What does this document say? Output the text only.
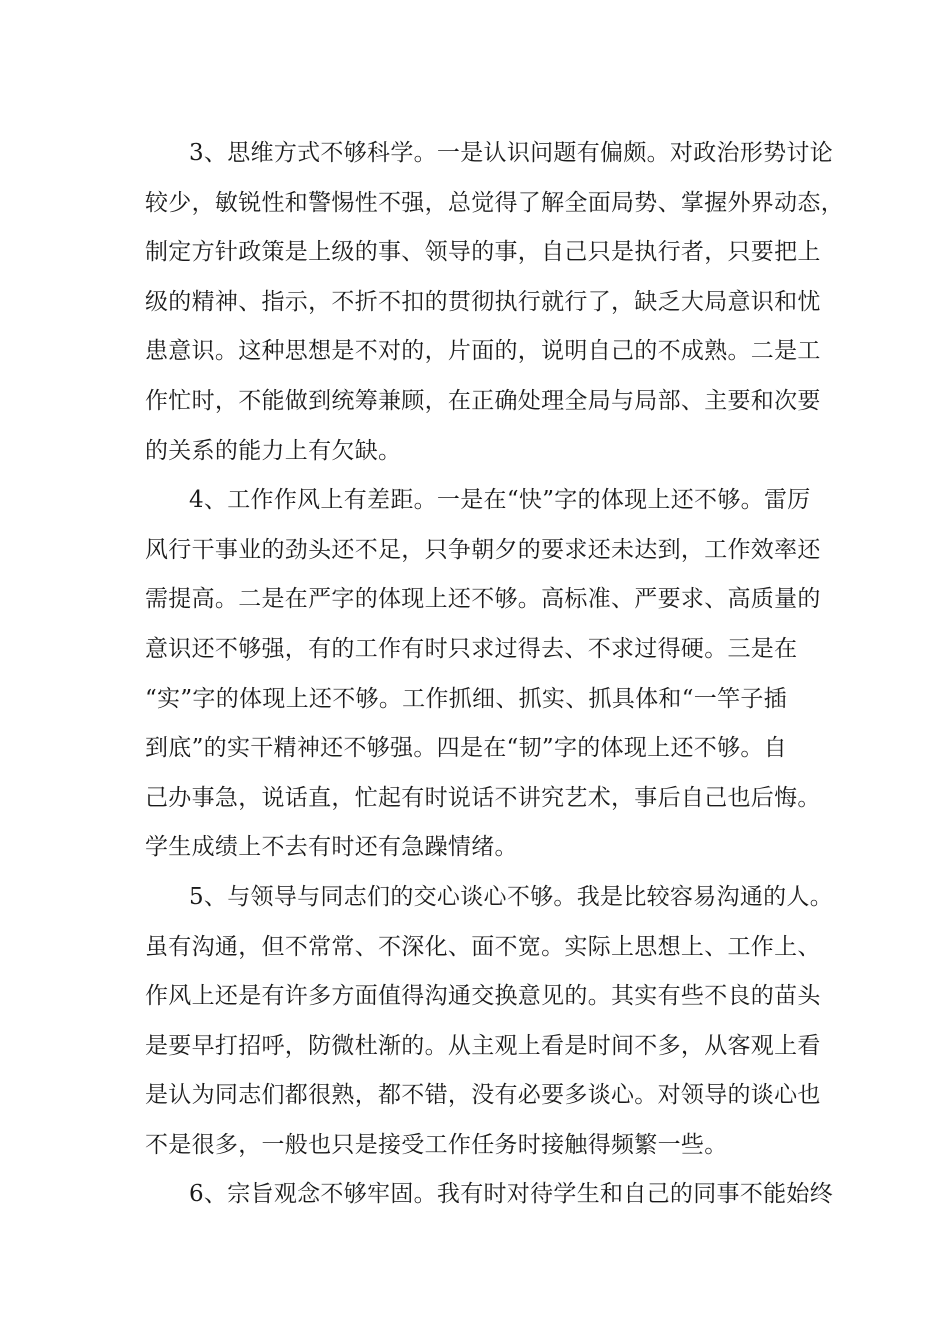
3、思维方式不够科学。一是认识问题有偏颇。对政治形势讨论
较少，敏锐性和警惕性不强，总觉得了解全面局势、掌握外界动态，
制定方针政策是上级的事、领导的事，自己只是执行者，只要把上
级的精神、指示，不折不扣的贯彻执行就行了，缺乏大局意识和忧
患意识。这种思想是不对的，片面的，说明自己的不成熟。二是工
作忙时，不能做到统筹兼顾，在正确处理全局与局部、主要和次要
的关系的能力上有欠缺。

4、工作作风上有差距。一是在“快”字的体现上还不够。雷厉
风行干事业的劲头还不足，只争朝夕的要求还未达到，工作效率还
需提高。二是在严字的体现上还不够。高标准、严要求、高质量的
意识还不够强，有的工作有时只求过得去、不求过得硬。三是在
“实”字的体现上还不够。工作抓细、抓实、抓具体和“一竿子插
到底”的实干精神还不够强。四是在“韧”字的体现上还不够。自
己办事急，说话直，忙起有时说话不讲究艺术，事后自己也后悔。
学生成绩上不去有时还有急躁情绪。

5、与领导与同志们的交心谈心不够。我是比较容易沟通的人。
虽有沟通，但不常常、不深化、面不宽。实际上思想上、工作上、
作风上还是有许多方面值得沟通交换意见的。其实有些不良的苗头
是要早打招呼，防微杜渐的。从主观上看是时间不多，从客观上看
是认为同志们都很熟，都不错，没有必要多谈心。对领导的谈心也
不是很多，一般也只是接受工作任务时接触得频繁一些。

6、宗旨观念不够牢固。我有时对待学生和自己的同事不能始终
